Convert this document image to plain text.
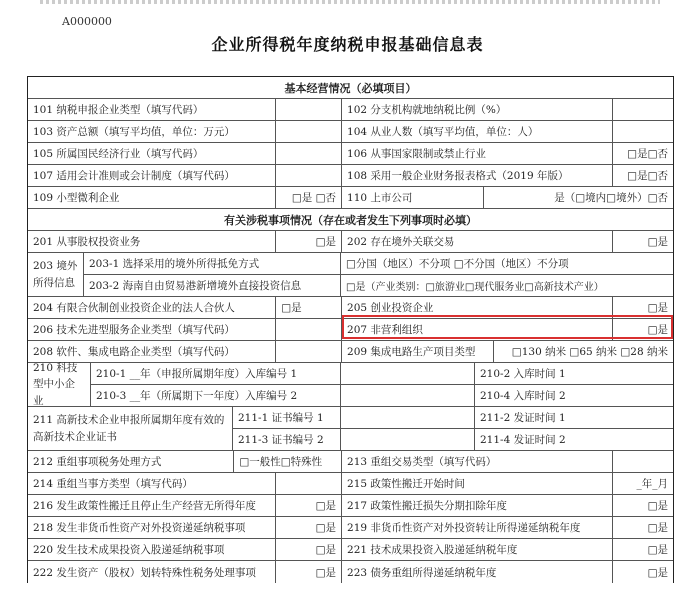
A000000
企业所得税年度纳税申报基础信息表
基本经营情况（必填项目）
101 纳税申报企业类型（填写代码）	102 分支机构就地纳税比例（%）
103 资产总额（填写平均值，单位：万元）	104 从业人数（填写平均值，单位：人）
105 所属国民经济行业（填写代码）	106 从事国家限制或禁止行业	□是□否
107 适用会计准则或会计制度（填写代码）	108 采用一般企业财务报表格式（2019 年版）	□是□否
109 小型微利企业	□是 □否	110 上市公司	是（□境内□境外）□否
有关涉税事项情况（存在或者发生下列事项时必填）
201 从事股权投资业务	□是	202 存在境外关联交易	□是
203 境外所得信息
203-1 选择采用的境外所得抵免方式	□分国（地区）不分项 □不分国（地区）不分项
203-2 海南自由贸易港新增境外直接投资信息	□是（产业类别：□旅游业□现代服务业□高新技术产业）
204 有限合伙制创业投资企业的法人合伙人	□是	205 创业投资企业	□是
206 技术先进型服务企业类型（填写代码）	207 非营利组织	□是
208 软件、集成电路企业类型（填写代码）	209 集成电路生产项目类型	□130 纳米 □65 纳米 □28 纳米
210 科技型中小企业
210-1 __年（申报所属期年度）入库编号 1	210-2 入库时间 1
210-3 __年（所属期下一年度）入库编号 2	210-4 入库时间 2
211 高新技术企业申报所属期年度有效的高新技术企业证书
211-1 证书编号 1	211-2 发证时间 1
211-3 证书编号 2	211-4 发证时间 2
212 重组事项税务处理方式	□一般性□特殊性	213 重组交易类型（填写代码）
214 重组当事方类型（填写代码）	215 政策性搬迁开始时间	_年_月
216 发生政策性搬迁且停止生产经营无所得年度	□是	217 政策性搬迁损失分期扣除年度	□是
218 发生非货币性资产对外投资递延纳税事项	□是	219 非货币性资产对外投资转让所得递延纳税年度	□是
220 发生技术成果投资入股递延纳税事项	□是	221 技术成果投资入股递延纳税年度	□是
222 发生资产（股权）划转特殊性税务处理事项	□是	223 债务重组所得递延纳税年度	□是
